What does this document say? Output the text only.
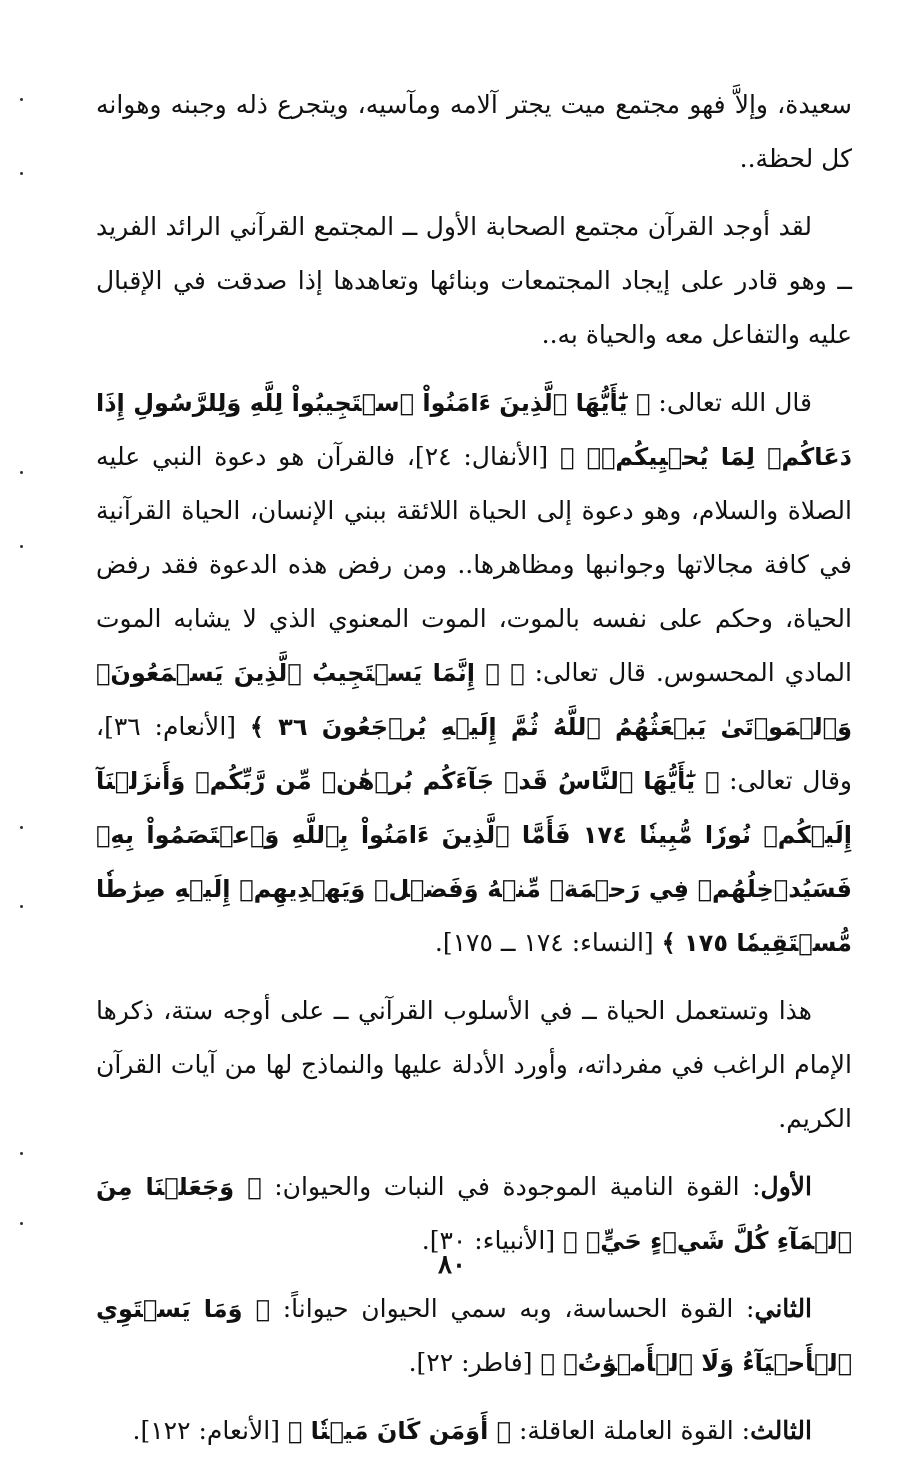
سعيدة، وإلاَّ فهو مجتمع ميت يجتر آلامه ومآسيه، ويتجرع ذله وجبنه وهوانه كل لحظة..

لقد أوجد القرآن مجتمع الصحابة الأول ــ المجتمع القرآني الرائد الفريد ــ وهو قادر على إيجاد المجتمعات وبنائها وتعاهدها إذا صدقت في الإقبال عليه والتفاعل معه والحياة به..

قال الله تعالى: ﴿ يَٰٓأَيُّهَا ٱلَّذِينَ ءَامَنُواْ ٱسۡتَجِيبُواْ لِلَّهِ وَلِلرَّسُولِ إِذَا دَعَاكُمۡ لِمَا يُحۡيِيكُمۡۖ ﴾ [الأنفال: ٢٤]، فالقرآن هو دعوة النبي عليه الصلاة والسلام، وهو دعوة إلى الحياة اللائقة ببني الإنسان، الحياة القرآنية في كافة مجالاتها وجوانبها ومظاهرها.. ومن رفض هذه الدعوة فقد رفض الحياة، وحكم على نفسه بالموت، الموت المعنوي الذي لا يشابه الموت المادي المحسوس. قال تعالى: ﴿ ۞ إِنَّمَا يَسۡتَجِيبُ ٱلَّذِينَ يَسۡمَعُونَۘ وَٱلۡمَوۡتَىٰ يَبۡعَثُهُمُ ٱللَّهُ ثُمَّ إِلَيۡهِ يُرۡجَعُونَ ٣٦ ﴾ [الأنعام: ٣٦]، وقال تعالى: ﴿ يَٰٓأَيُّهَا ٱلنَّاسُ قَدۡ جَآءَكُم بُرۡهَٰنٞ مِّن رَّبِّكُمۡ وَأَنزَلۡنَآ إِلَيۡكُمۡ نُورٗا مُّبِينٗا ١٧٤ فَأَمَّا ٱلَّذِينَ ءَامَنُواْ بِٱللَّهِ وَٱعۡتَصَمُواْ بِهِۦ فَسَيُدۡخِلُهُمۡ فِي رَحۡمَةٖ مِّنۡهُ وَفَضۡلٖ وَيَهۡدِيهِمۡ إِلَيۡهِ صِرَٰطٗا مُّسۡتَقِيمٗا ١٧٥ ﴾ [النساء: ١٧٤ ــ ١٧٥].

هذا وتستعمل الحياة ــ في الأسلوب القرآني ــ على أوجه ستة، ذكرها الإمام الراغب في مفرداته، وأورد الأدلة عليها والنماذج لها من آيات القرآن الكريم.

الأول: القوة النامية الموجودة في النبات والحيوان: ﴿ وَجَعَلۡنَا مِنَ ٱلۡمَآءِ كُلَّ شَيۡءٍ حَيٍّۚ ﴾ [الأنبياء: ٣٠].

الثاني: القوة الحساسة، وبه سمي الحيوان حيواناً: ﴿ وَمَا يَسۡتَوِي ٱلۡأَحۡيَآءُ وَلَا ٱلۡأَمۡوَٰتُۚ ﴾ [فاطر: ٢٢].

الثالث: القوة العاملة العاقلة: ﴿ أَوَمَن كَانَ مَيۡتٗا ﴾ [الأنعام: ١٢٢].

٨٠
